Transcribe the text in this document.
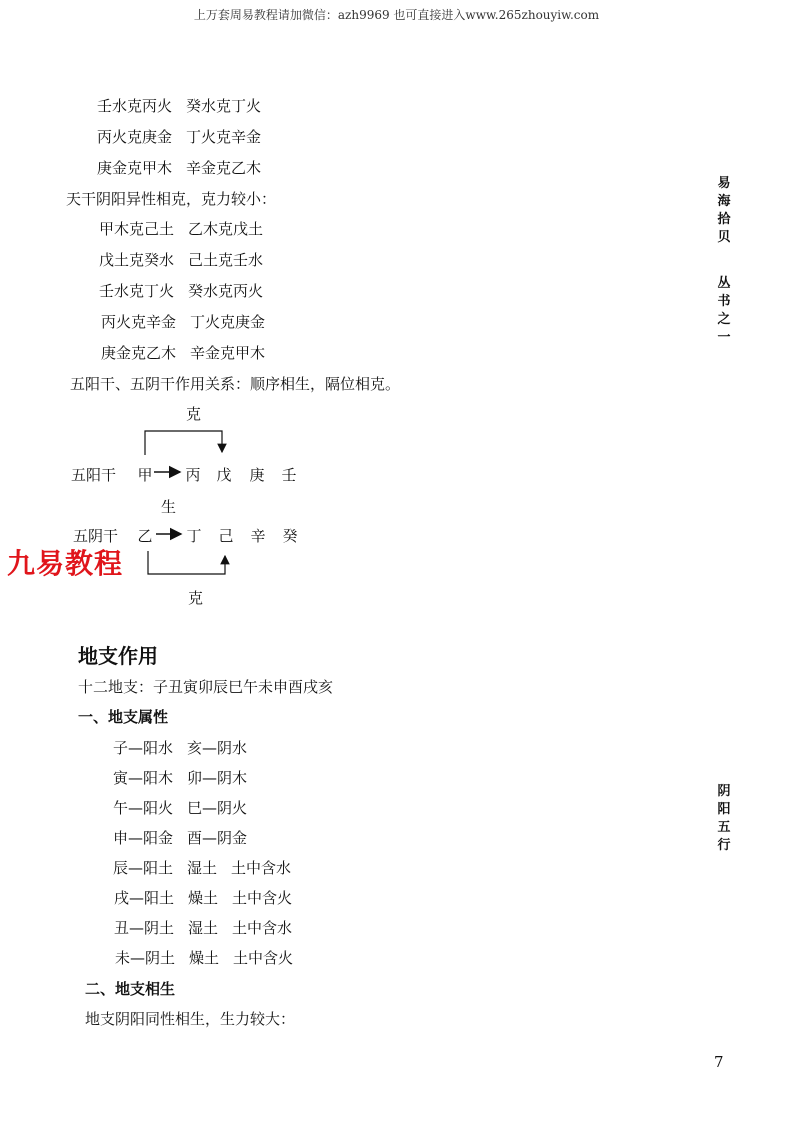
上万套周易教程请加微信：azh9969 也可直接进入www.265zhouyiw.com
壬水克丙火 癸水克丁火
丙火克庚金 丁火克辛金
庚金克甲木 辛金克乙木
天干阴阳异性相克，克力较小：
甲木克己土 乙木克戊土
戊土克癸水 己土克壬水
壬水克丁火 癸水克丙火
丙火克辛金 丁火克庚金
庚金克乙木 辛金克甲木
五阳干、五阴干作用关系：顺序相生，隔位相克。
克
五阳干 甲 丙 戊 庚 壬
生
五阴干 乙 丁 己 辛 癸
九易教程
克
地支作用
十二地支：子丑寅卯辰巳午未申酉戌亥
一、地支属性
子—阳水 亥—阴水
寅—阳木 卯—阴木
午—阳火 巳—阴火
申—阳金 酉—阴金
辰—阳土 湿土 土中含水
戌—阳土 燥土 土中含火
丑—阴土 湿土 土中含水
未—阴土 燥土 土中含火
二、地支相生
地支阴阳同性相生，生力较大：
易
海
拾
贝
丛
书
之
一
阴
阳
五
行
7
